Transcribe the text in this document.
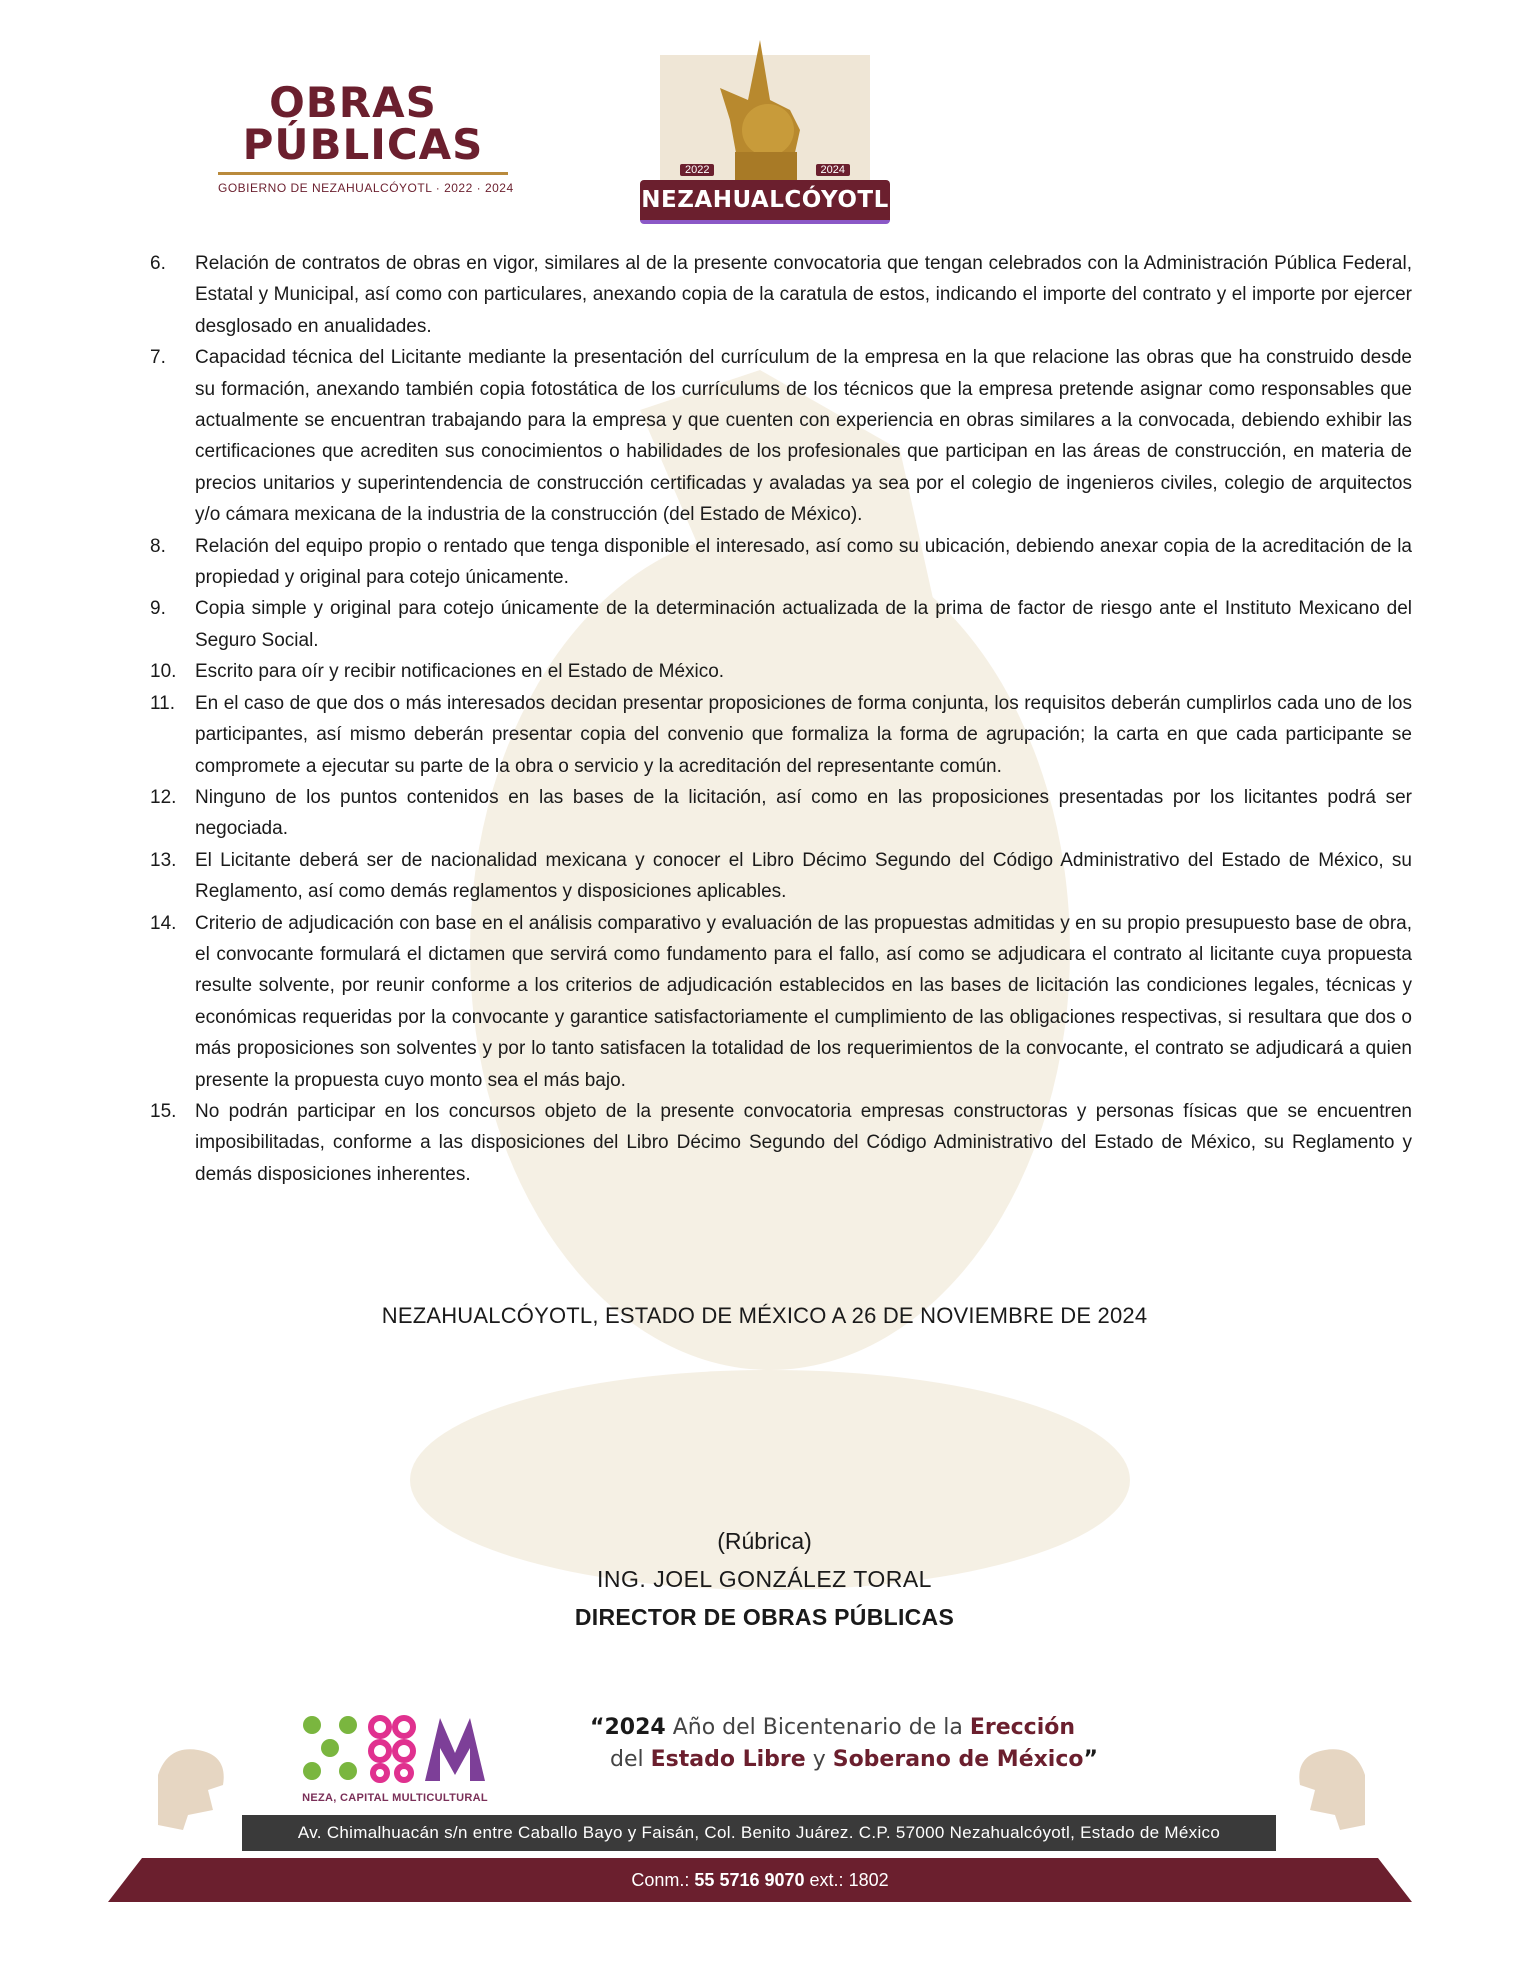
OBRAS
PÚBLICAS
GOBIERNO DE NEZAHUALCÓYOTL · 2022 · 2024
2022	2024
NEZAHUALCÓYOTL
6.	Relación de contratos de obras en vigor, similares al de la presente convocatoria que tengan celebrados con la Administración Pública Federal, Estatal y Municipal, así como con particulares, anexando copia de la caratula de estos, indicando el importe del contrato y el importe por ejercer desglosado en anualidades.
7.	Capacidad técnica del Licitante mediante la presentación del currículum de la empresa en la que relacione las obras que ha construido desde su formación, anexando también copia fotostática de los currículums de los técnicos que la empresa pretende asignar como responsables que actualmente se encuentran trabajando para la empresa y que cuenten con experiencia en obras similares a la convocada, debiendo exhibir las certificaciones que acrediten sus conocimientos o habilidades de los profesionales que participan en las áreas de construcción, en materia de precios unitarios y superintendencia de construcción certificadas y avaladas ya sea por el colegio de ingenieros civiles, colegio de arquitectos y/o cámara mexicana de la industria de la construcción (del Estado de México).
8.	Relación del equipo propio o rentado que tenga disponible el interesado, así como su ubicación, debiendo anexar copia de la acreditación de la propiedad y original para cotejo únicamente.
9.	Copia simple y original para cotejo únicamente de la determinación actualizada de la prima de factor de riesgo ante el Instituto Mexicano del Seguro Social.
10. Escrito para oír y recibir notificaciones en el Estado de México.
11.	En el caso de que dos o más interesados decidan presentar proposiciones de forma conjunta, los requisitos deberán cumplirlos cada uno de los participantes, así mismo deberán presentar copia del convenio que formaliza la forma de agrupación; la carta en que cada participante se compromete a ejecutar su parte de la obra o servicio y la acreditación del representante común.
12. Ninguno de los puntos contenidos en las bases de la licitación, así como en las proposiciones presentadas por los licitantes podrá ser negociada.
13. El Licitante deberá ser de nacionalidad mexicana y conocer el Libro Décimo Segundo del Código Administrativo del Estado de México, su Reglamento, así como demás reglamentos y disposiciones aplicables.
14. Criterio de adjudicación con base en el análisis comparativo y evaluación de las propuestas admitidas y en su propio presupuesto base de obra, el convocante formulará el dictamen que servirá como fundamento para el fallo, así como se adjudicara el contrato al licitante cuya propuesta resulte solvente, por reunir conforme a los criterios de adjudicación establecidos en las bases de licitación las condiciones legales, técnicas y económicas requeridas por la convocante y garantice satisfactoriamente el cumplimiento de las obligaciones respectivas, si resultara que dos o más proposiciones son solventes y por lo tanto satisfacen la totalidad de los requerimientos de la convocante, el contrato se adjudicará a quien presente la propuesta cuyo monto sea el más bajo.
15. No podrán participar en los concursos objeto de la presente convocatoria empresas constructoras y personas físicas que se encuentren imposibilitadas, conforme a las disposiciones del Libro Décimo Segundo del Código Administrativo del Estado de México, su Reglamento y demás disposiciones inherentes.
NEZAHUALCÓYOTL, ESTADO DE MÉXICO A 26 DE NOVIEMBRE DE 2024
(Rúbrica)
ING. JOEL GONZÁLEZ TORAL
DIRECTOR DE OBRAS PÚBLICAS
NEZA, CAPITAL MULTICULTURAL
“2024 Año del Bicentenario de la Erección
del Estado Libre y Soberano de México”
Av. Chimalhuacán s/n entre Caballo Bayo y Faisán, Col. Benito Juárez. C.P. 57000 Nezahualcóyotl, Estado de México
Conm.: 55 5716 9070 ext.: 1802
